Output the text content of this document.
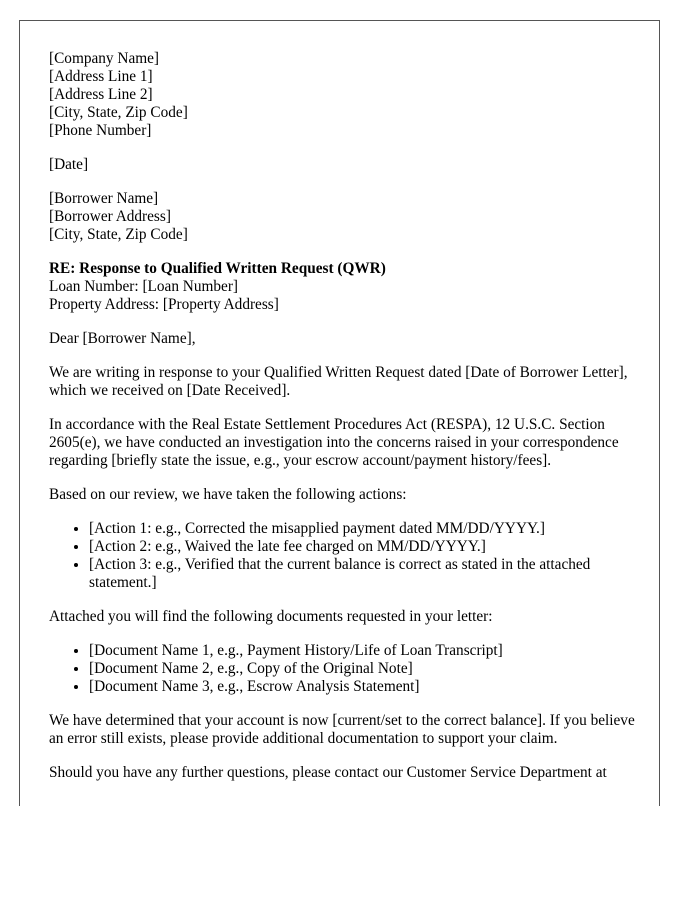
[Company Name]
[Address Line 1]
[Address Line 2]
[City, State, Zip Code]
[Phone Number]
[Date]
[Borrower Name]
[Borrower Address]
[City, State, Zip Code]
RE: Response to Qualified Written Request (QWR)
Loan Number: [Loan Number]
Property Address: [Property Address]

Dear [Borrower Name],

We are writing in response to your Qualified Written Request dated [Date of Borrower Letter], which we received on [Date Received].

In accordance with the Real Estate Settlement Procedures Act (RESPA), 12 U.S.C. Section 2605(e), we have conducted an investigation into the concerns raised in your correspondence regarding [briefly state the issue, e.g., your escrow account/payment history/fees].

Based on our review, we have taken the following actions:

• [Action 1: e.g., Corrected the misapplied payment dated MM/DD/YYYY.]
• [Action 2: e.g., Waived the late fee charged on MM/DD/YYYY.]
• [Action 3: e.g., Verified that the current balance is correct as stated in the attached statement.]

Attached you will find the following documents requested in your letter:

• [Document Name 1, e.g., Payment History/Life of Loan Transcript]
• [Document Name 2, e.g., Copy of the Original Note]
• [Document Name 3, e.g., Escrow Analysis Statement]

We have determined that your account is now [current/set to the correct balance]. If you believe an error still exists, please provide additional documentation to support your claim.

Should you have any further questions, please contact our Customer Service Department at
